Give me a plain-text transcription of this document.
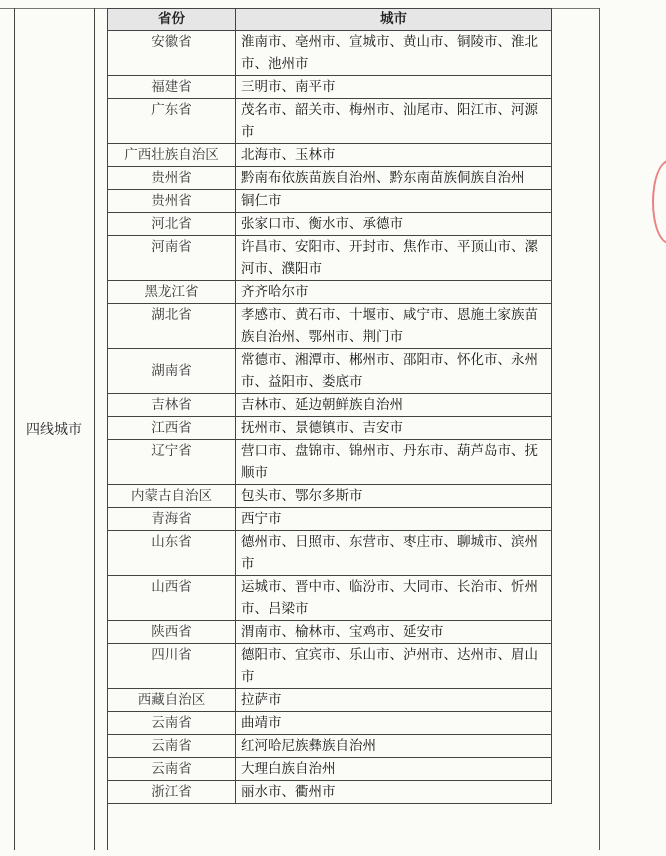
四线城市
省份	城市
安徽省	淮南市、亳州市、宣城市、黄山市、铜陵市、淮北市、池州市
福建省	三明市、南平市
广东省	茂名市、韶关市、梅州市、汕尾市、阳江市、河源市
广西壮族自治区	北海市、玉林市
贵州省	黔南布依族苗族自治州、黔东南苗族侗族自治州
贵州省	铜仁市
河北省	张家口市、衡水市、承德市
河南省	许昌市、安阳市、开封市、焦作市、平顶山市、漯河市、濮阳市
黑龙江省	齐齐哈尔市
湖北省	孝感市、黄石市、十堰市、咸宁市、恩施土家族苗族自治州、鄂州市、荆门市
湖南省	常德市、湘潭市、郴州市、邵阳市、怀化市、永州市、益阳市、娄底市
吉林省	吉林市、延边朝鲜族自治州
江西省	抚州市、景德镇市、吉安市
辽宁省	营口市、盘锦市、锦州市、丹东市、葫芦岛市、抚顺市
内蒙古自治区	包头市、鄂尔多斯市
青海省	西宁市
山东省	德州市、日照市、东营市、枣庄市、聊城市、滨州市
山西省	运城市、晋中市、临汾市、大同市、长治市、忻州市、吕梁市
陕西省	渭南市、榆林市、宝鸡市、延安市
四川省	德阳市、宜宾市、乐山市、泸州市、达州市、眉山市
西藏自治区	拉萨市
云南省	曲靖市
云南省	红河哈尼族彝族自治州
云南省	大理白族自治州
浙江省	丽水市、衢州市
